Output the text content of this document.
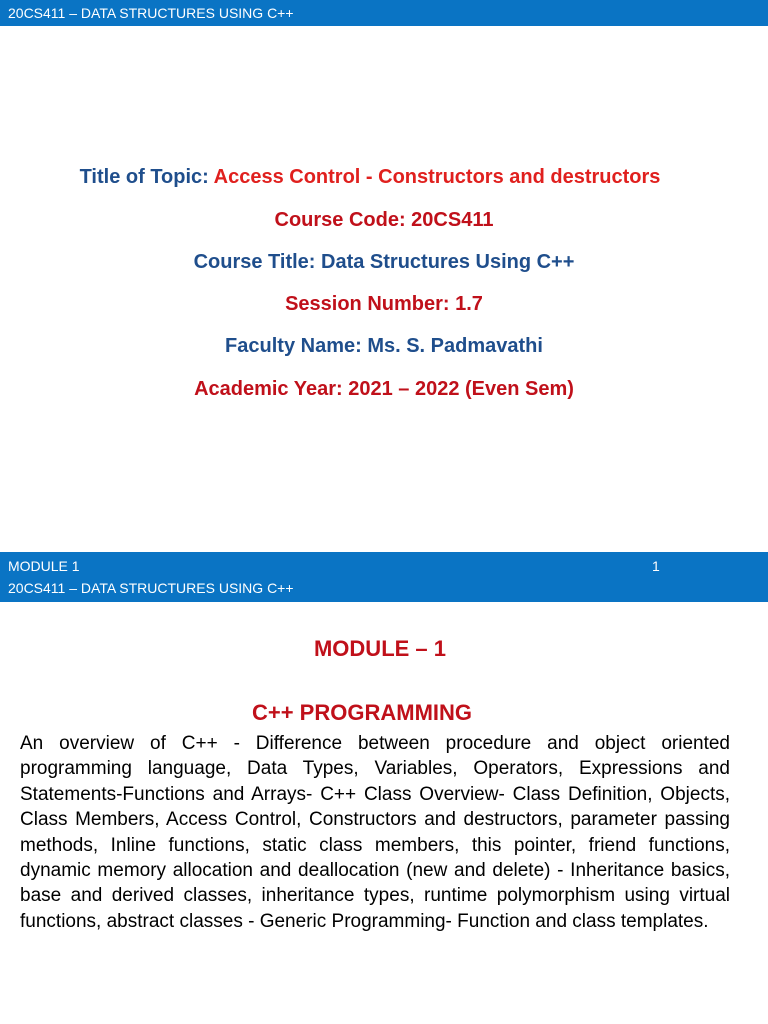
20CS411 – DATA STRUCTURES USING C++
Title of Topic: Access Control - Constructors and destructors
Course Code: 20CS411
Course Title: Data Structures Using C++
Session Number: 1.7
Faculty Name: Ms. S. Padmavathi
Academic Year: 2021 – 2022 (Even Sem)
MODULE 1	1
20CS411 – DATA STRUCTURES USING C++
MODULE – 1
C++ PROGRAMMING

An overview of C++ - Difference between procedure and object oriented programming language, Data Types, Variables, Operators, Expressions and Statements-Functions and Arrays- C++ Class Overview- Class Definition, Objects, Class Members, Access Control, Constructors and destructors, parameter passing methods, Inline functions, static class members, this pointer, friend functions, dynamic memory allocation and deallocation (new and delete) - Inheritance basics, base and derived classes, inheritance types, runtime polymorphism using virtual functions, abstract classes - Generic Programming- Function and class templates.
